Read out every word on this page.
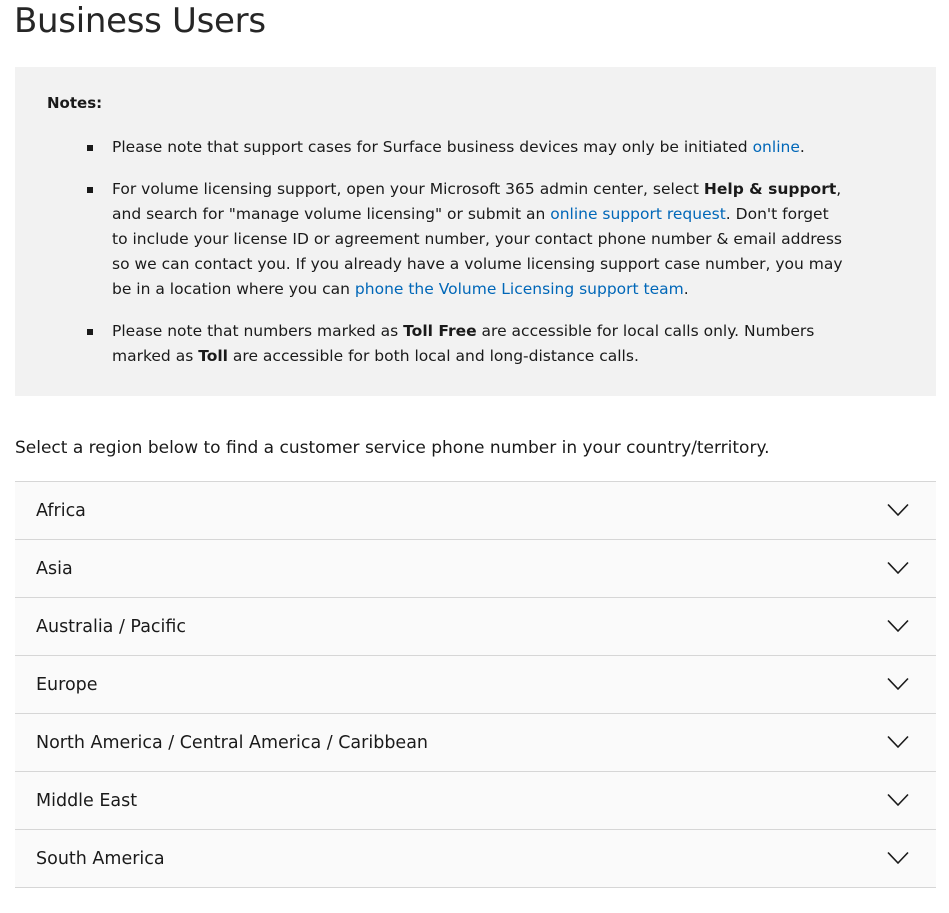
Business Users
Notes:
Please note that support cases for Surface business devices may only be initiated online.
For volume licensing support, open your Microsoft 365 admin center, select Help & support, and search for "manage volume licensing" or submit an online support request. Don't forget to include your license ID or agreement number, your contact phone number & email address so we can contact you. If you already have a volume licensing support case number, you may be in a location where you can phone the Volume Licensing support team.
Please note that numbers marked as Toll Free are accessible for local calls only. Numbers marked as Toll are accessible for both local and long-distance calls.

Select a region below to find a customer service phone number in your country/territory.

Africa
Asia
Australia / Pacific
Europe
North America / Central America / Caribbean
Middle East
South America
